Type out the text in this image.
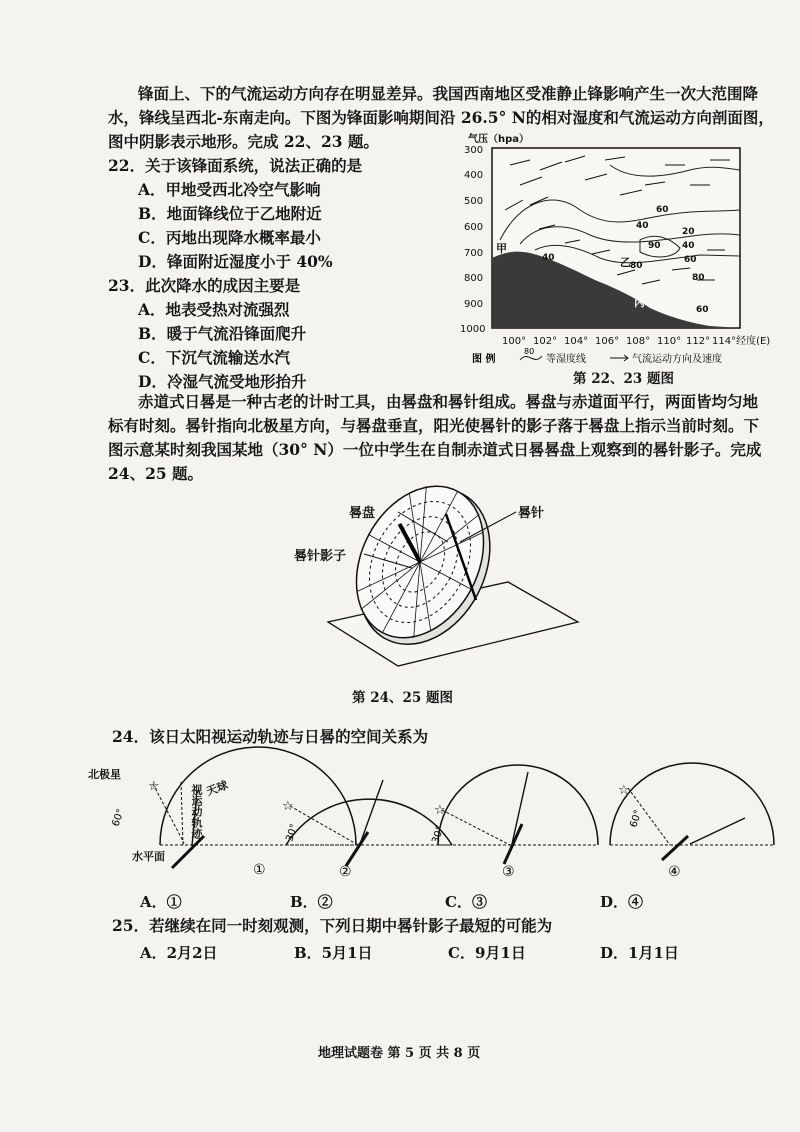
锋面上、下的气流运动方向存在明显差异。我国西南地区受准静止锋影响产生一次大范围降
水，锋线呈西北-东南走向。下图为锋面影响期间沿 26.5° N的相对湿度和气流运动方向剖面图，
图中阴影表示地形。完成 22、23 题。
22．关于该锋面系统，说法正确的是
A．甲地受西北冷空气影响
B．地面锋线位于乙地附近
C．丙地出现降水概率最小
D．锋面附近湿度小于 40%
23．此次降水的成因主要是
A．地表受热对流强烈
B．暖于气流沿锋面爬升
C．下沉气流输送水汽
D．冷湿气流受地形抬升
气压（hpa）
300
400
500
600
700
800
900
1000
40
60
20
40
60
80
40
80
60
90
甲
乙
丙
100° 102° 104° 106° 108° 110° 112° 114°经度(E)
图 例
80
等湿度线	气流运动方向及速度
第 22、23 题图
赤道式日晷是一种古老的计时工具，由晷盘和晷针组成。晷盘与赤道面平行，两面皆均匀地
标有时刻。晷针指向北极星方向，与晷盘垂直，阳光使晷针的影子落于晷盘上指示当前时刻。下
图示意某时刻我国某地（30° N）一位中学生在自制赤道式日晷晷盘上观察到的晷针影子。完成
24、25 题。
晷盘	晷针
晷针影子
第 24、25 题图
24．该日太阳视运动轨迹与日晷的空间关系为
☆
60°
①
☆
②
☆
30°
③
☆
60°
④
30°
北极星
天球
视运动轨迹
水平面
A．①	B．②	C．③	D．④
25．若继续在同一时刻观测，下列日期中晷针影子最短的可能为
A．2月2日	B．5月1日	C．9月1日	D．1月1日
地理试题卷 第 5 页 共 8 页
